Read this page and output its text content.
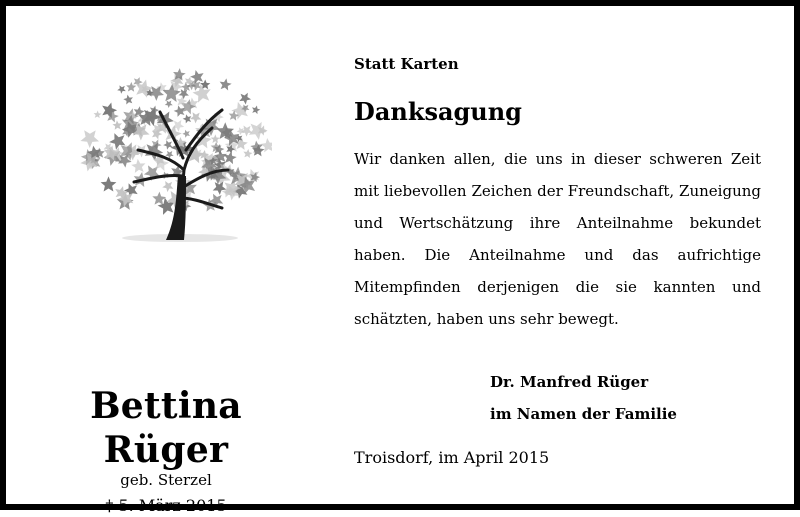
Bettina Rüger
geb. Sterzel
† 5. März 2015
Statt Karten
Danksagung
Wir danken allen, die uns in dieser schweren Zeit mit liebevollen Zeichen der Freundschaft, Zuneigung und Wertschätzung ihre Anteilnahme bekundet haben. Die Anteilnahme und das aufrichtige Mitempfinden derjenigen die sie kannten und schätzten, haben uns sehr bewegt.
Dr. Manfred Rüger
im Namen der Familie
Troisdorf, im April 2015
